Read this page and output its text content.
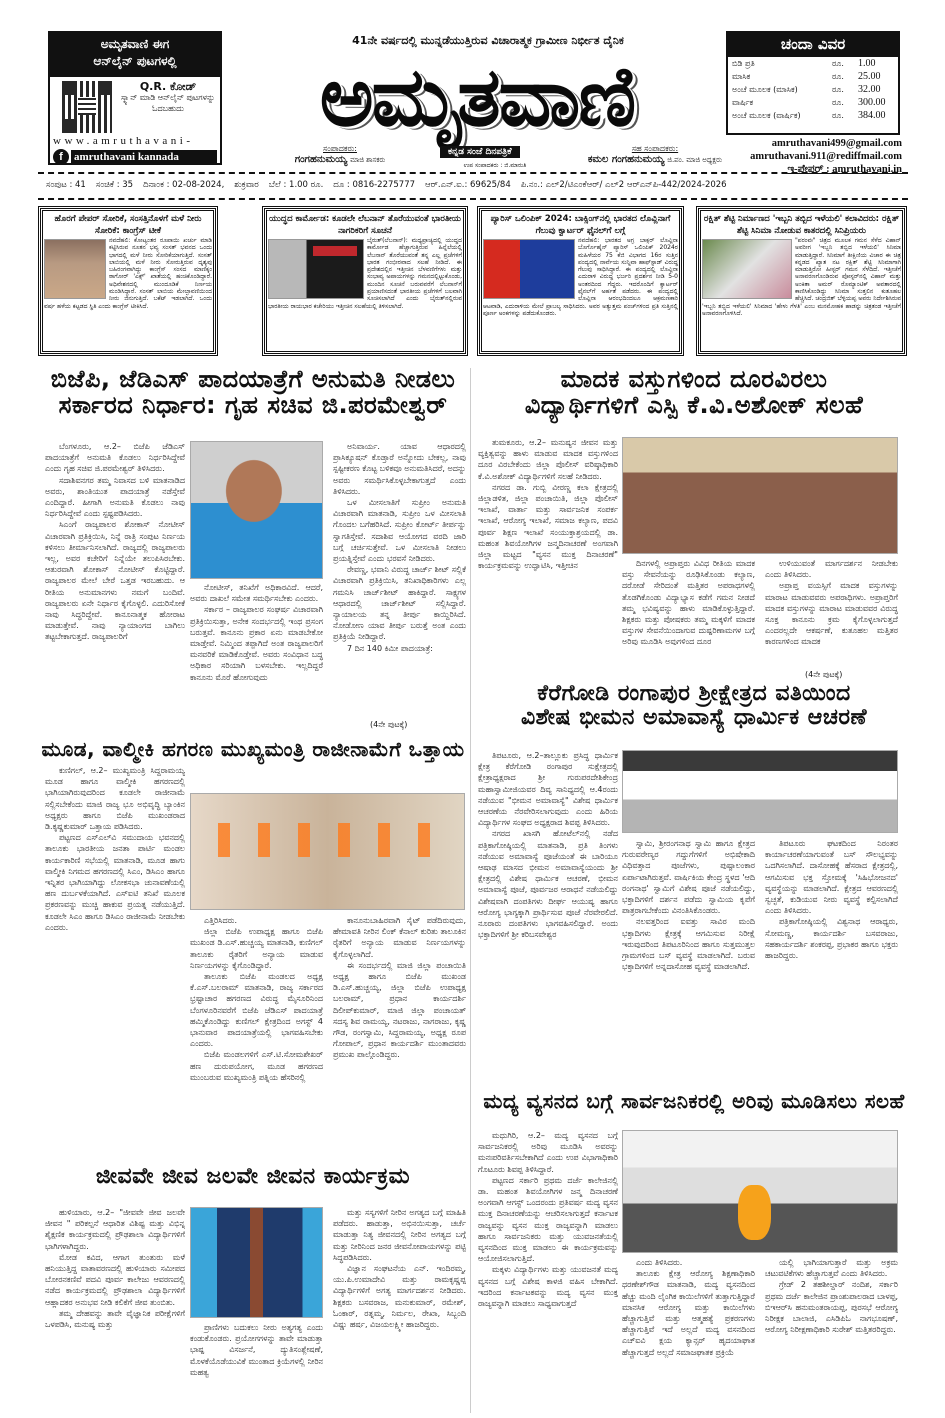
ಅಮೃತವಾಣಿ ಈಗ
ಆನ್‌ಲೈನ್ ಪುಟಗಳಲ್ಲಿ
Q.R. ಕೋಡ್
ಸ್ಕ್ಯಾನ್ ಮಾಡಿ ಆನ್‌ಲೈನ್ ಪುಟಗಳನ್ನು ಓದಬಹುದು
www.amruthavani-
f	amruthavani kannada
41ನೇ ವರ್ಷದಲ್ಲಿ ಮುನ್ನಡೆಯುತ್ತಿರುವ ವಿಚಾರಾತ್ಮಕ ಗ್ರಾಮೀಣ ನಿರ್ಭೀತ ದೈನಿಕ
ಅಮೃತವಾಣಿ
ಸಂಪಾದಕರು:
ಗಂಗಹನುಮಯ್ಯ ಮಾಜಿ ಶಾಸಕರು
ಕನ್ನಡ ಸಂಜೆ ದಿನಪತ್ರಿಕೆ
ಉಪ ಸಂಪಾದಕರು : ಜಿ.ಮಾರುತಿ
ಸಹ ಸಂಪಾದಕರು:
ಕಮಲ ಗಂಗಹನುಮಯ್ಯ ಜಿ.ಪಂ. ಮಾಜಿ ಅಧ್ಯಕ್ಷರು
ಚಂದಾ ವಿವರ
ಬಿಡಿ ಪ್ರತಿ	ರೂ.	1.00
ಮಾಸಿಕ	ರೂ.	25.00
ಅಂಚೆ ಮೂಲಕ (ಮಾಸಿಕ)	ರೂ.	32.00
ವಾರ್ಷಿಕ	ರೂ.	300.00
ಅಂಚೆ ಮೂಲಕ (ವಾರ್ಷಿಕ)	ರೂ.	384.00
amruthavani499@gmail.com
amruthavani.911@rediffmail.com
ಇ-ಪೇಪರ್ : amruthavani.in
ಸಂಪುಟ : 41 ಸಂಚಿಕೆ : 35 ದಿನಾಂಕ : 02-08-2024, ಶುಕ್ರವಾರ ಬೆಲೆ : 1.00 ರೂ. ದೂ : 0816-2275777 ಆರ್.ಎನ್.ಐ.: 69625/84 ಪಿ.ನಂ.: ಎಲ್2/ಟಿಎಂಕೆಆರ್/ ಎಲ್2 ಆರ್‌ಎನ್‌ಪಿ-442/2024-2026
ಹೊರಗೆ ಪೇಪರ್ ಸೋರಿಕೆ, ಸಂಸತ್ತಿನೊಳಗೆ ಮಳೆ ನೀರು ಸೋರಿಕೆ: ಕಾಂಗ್ರೆಸ್ ಟೀಕೆ

ನವದೆಹಲಿ: ಕೋಟ್ಯಂತರ ರೂಪಾಯಿ ಖರ್ಚು ಮಾಡಿ ಕಟ್ಟಿಸಿರುವ ನೂತನ ಭವ್ಯ ಸಂಸತ್ ಭವನದ ಒಂದು ಭಾಗದಲ್ಲಿ ಮಳೆ ನೀರು ಸೋರಿಕೆಯಾಗುತ್ತಿದೆ. ಸಂಸತ್ ಲಾಬಿಯಲ್ಲಿ ಮಳೆ ನೀರು ಸೋರುತ್ತಿರುವ ದೃಶ್ಯವು ಬಹಿರಂಗವಾಗಿದ್ದು ಕಾಂಗ್ರೆಸ್ ಸಂಸದ ಮಾಣಿಕ್ಕಂ ಠಾಗೋರ್ 'ಎಕ್ಸ್' ಖಾತೆಯಲ್ಲಿ ಹಂಚಿಕೊಂಡಿದ್ದಾರೆ. ಅಧಿವೇಶನದಲ್ಲಿ ಮುಂದೂಡಿಕೆ ನಿರ್ಣಯ ಮಂಡಿಸಿದ್ದಾರೆ. ಸಂಸತ್ ಲಾಬಿಯ ಮೇಲ್ಛಾವಣಿಯಿಂದ ನೀರು ಜಿನುಗುತ್ತಿದೆ. ಬಕೆಟ್ ಇಡಲಾಗಿದೆ. ಒಂದು ವರ್ಷ ಹಳೆಯ ಕಟ್ಟಡದ ಸ್ಥಿತಿ ಎಂದು ಕಾಂಗ್ರೆಸ್ ಟೀಕಿಸಿದೆ.

ಯುದ್ಧದ ಕಾರ್ಮೋಡ: ಕೂಡಲೇ ಲೆಬನಾನ್ ತೊರೆಯುವಂತೆ ಭಾರತೀಯ ನಾಗರಿಕರಿಗೆ ಸೂಚನೆ

ಬೈರುತ್(ಲೆಬನಾನ್): ಮಧ್ಯಪ್ರಾಚ್ಯದಲ್ಲಿ ಯುದ್ಧದ ಕಾರ್ಮೋಡ ಹೆಚ್ಚಾಗುತ್ತಿರುವ ಹಿನ್ನೆಲೆಯಲ್ಲಿ ಲೆಬನಾನ್ ತೊರೆಯುವಂತೆ ತನ್ನ ಎಲ್ಲ ಪ್ರಜೆಗಳಿಗೆ ಭಾರತ ಗಂಭೀರವಾದ ಸಲಹೆ ನೀಡಿದೆ. ಈ ಪ್ರದೇಶದಲ್ಲಿನ ಇತ್ತೀಚಿನ ಬೆಳವಣಿಗೆಗಳು ಮತ್ತು ಸಂಭಾವ್ಯ ಅಪಾಯಗಳನ್ನು ಗಮನದಲ್ಲಿಟ್ಟುಕೊಂಡು, ಮುಂದಿನ ಸೂಚನೆ ಬರುವವರೆಗೆ ಲೆಬನಾನ್‌ಗೆ ಪ್ರಯಾಣಿಸದಂತೆ ಭಾರತೀಯ ಪ್ರಜೆಗಳಿಗೆ ಬಲವಾಗಿ ಸೂಚಿಸಲಾಗಿದೆ ಎಂದು ಬೈರುತ್‌ನಲ್ಲಿರುವ ಭಾರತೀಯ ರಾಯಭಾರ ಕಚೇರಿಯು ಇತ್ತೀಚಿನ ಸಲಹೆಯಲ್ಲಿ ತಿಳಿಸಲಾಗಿದೆ.

ಪ್ಯಾರಿಸ್ ಒಲಿಂಪಿಕ್ 2024: ಬಾಕ್ಸಿಂಗ್‌ನಲ್ಲಿ ಭಾರತದ ಲೊವ್ಲಿನಾಗೆ ಗೆಲುವು ಕ್ವಾರ್ಟರ್ ಫೈನಲ್‌ಗೆ ಲಗ್ಗೆ

ನವದೆಹಲಿ: ಭಾರತದ ಅಗ್ರ ಬಾಕ್ಸರ್ ಲೊವ್ಲಿನಾ ಬೊರ್ಗೊಹೈನ್ ಪ್ಯಾರಿಸ್ ಒಲಿಂಪಿಕ್ 2024ರ ಮಹಿಳೆಯರ 75 ಕೆಜಿ ವಿಭಾಗದ 16ರ ಸುತ್ತಿನ ಪಂದ್ಯದಲ್ಲಿ ನಾರ್ವೆಯ ಸುನ್ನಿವಾ ಹಾಫ್‌ಸ್ಟಾಡ್ ವಿರುದ್ಧ ಗೆಲುವು ಸಾಧಿಸಿದ್ದಾರೆ. ಈ ಪಂದ್ಯದಲ್ಲಿ ಲೊವ್ಲಿನಾ ಎದುರಾಳಿ ವಿರುದ್ಧ ಭರ್ಜರಿ ಪ್ರದರ್ಶನ ನೀಡಿ 5-0 ಅಂತರದಿಂದ ಗೆದ್ದರು. ಇದರೊಂದಿಗೆ ಕ್ವಾರ್ಟರ್ ಫೈನಲ್‌ಗೆ ಅರ್ಹತೆ ಪಡೆದರು. ಈ ಪಂದ್ಯದಲ್ಲಿ ಲೊವ್ಲಿನಾ ಆರಂಭದಿಂದಲೂ ಆಕ್ರಮಣಕಾರಿ ಆಟವಾಡಿ, ಎದುರಾಳಿಯ ಮೇಲೆ ಪ್ರಾಬಲ್ಯ ಸಾಧಿಸಿದರು. ಅವರ ಅತ್ಯುತ್ತಮ ಪಂಚ್‌ಗಳಿಂದ ಪ್ರತಿ ಸುತ್ತಿನಲ್ಲಿ ಪೂರ್ಣ ಅಂಕಗಳನ್ನು ಪಡೆದುಕೊಂಡರು.

ರಕ್ಷಿತ್ ಶೆಟ್ಟಿ ನಿರ್ಮಾಣದ 'ಇಬ್ಬನಿ ತಬ್ಬಿದ ಇಳೆಯಲಿ' ಕಲಾವಿದರು: ರಕ್ಷಿತ್ ಶೆಟ್ಟಿ ಸಿನಿಮಾ ನೋಡುವ ಕಾತರದಲ್ಲಿ ಸಿನಿಪ್ರಿಯರು

"ಪರಂವಃ" ಚಿತ್ರದ ಮೂಲಕ ಗಮನ ಸೆಳೆದ ವಿಹಾನ್ ಅವರೀಗ 'ಇಬ್ಬನಿ ತಬ್ಬಿದ ಇಳೆಯಲಿ' ಸಿನಿಮಾ ಮಾಡುತ್ತಿದ್ದಾರೆ. ಸಿನಿಮಾಗೆ ತೀಕ್ಷಿಣಿಯ ವಿಚಾರ ಈ ಚಿತ್ರ ಕನ್ನಡದ ಖ್ಯಾತ ನಟ ರಕ್ಷಿತ್ ಶೆಟ್ಟಿ ಸಿನಿಮಾಗಾಗಿ ಮಾಡುತ್ತಿರೋ ಹೀಸ್ಟರ್ ಗಮನ ಸೆಳೆದಿದೆ. ಇತ್ತೀಚೆಗೆ ಅನಾವರಣಗೊಂಡಿರುವ ಪೋಸ್ಟರ್‌ನಲ್ಲಿ ವಿಹಾನ್ ಮತ್ತು ಅಂಕಿತಾ ಅಮರ್ ರೊಮ್ಯಾಂಟಿಕ್ ಅವತಾರದಲ್ಲಿ ಕಾಣಿಸಿಕೊಂಡಿದ್ದು ಸಿನಿಮಾ ಸುತ್ತಲಿನ ಕುತೂಹಲ ಹೆಚ್ಚಿಸಿದೆ. ಚಂದ್ರಜಿತ್ ಬೆಳ್ಳಿಯಪ್ಪ ಅವರು ನಿರ್ದೇಶಿಸಿರುವ 'ಇಬ್ಬನಿ ತಬ್ಬಿದ ಇಳೆಯಲಿ' ಸಿನಿಮಾದ 'ಹೇಳು ಗೆಳತಿ' ಎಂಬ ಮನಮೋಹಕ ಹಾಡನ್ನು ಚಿತ್ರತಂಡ ಇತ್ತೀಚೆಗೆ ಅನಾವರಣಗೊಳಿಸಿದೆ.

ಬಿಜೆಪಿ, ಜೆಡಿಎಸ್ ಪಾದಯಾತ್ರೆಗೆ ಅನುಮತಿ ನೀಡಲು
ಸರ್ಕಾರದ ನಿರ್ಧಾರ: ಗೃಹ ಸಚಿವ ಜಿ.ಪರಮೇಶ್ವರ್

ಬೆಂಗಳೂರು, ಆ.2– ಬಿಜೆಪಿ ಜೆಡಿಎಸ್ ಪಾದಯಾತ್ರೆಗೆ ಅನುಮತಿ ಕೊಡಲು ನಿರ್ಧರಿಸಿದ್ದೇವೆ ಎಂದು ಗೃಹ ಸಚಿವ ಜಿ.ಪರಮೇಶ್ವರ್ ತಿಳಿಸಿದರು.

ಸದಾಶಿವನಗರ ತಮ್ಮ ನಿವಾಸದ ಬಳಿ ಮಾತನಾಡಿದ ಅವರು, ಶಾಂತಿಯುತ ಪಾದಯಾತ್ರೆ ನಡೆಸ್ತೇವೆ ಎಂದಿದ್ದಾರೆ. ಹೀಗಾಗಿ ಅನುಮತಿ ಕೊಡಲು ನಾವು ನಿರ್ಧರಿಸಿದ್ದೇವೆ ಎಂದು ಸ್ಪಷ್ಟಪಡಿಸಿದರು.

ಸಿಎಂಗೆ ರಾಜ್ಯಪಾಲರ ಶೋಕಾಸ್ ನೋಟೀಸ್ ವಿಚಾರವಾಗಿ ಪ್ರತಿಕ್ರಿಯಿಸಿ, ನಿನ್ನೆ ರಾತ್ರಿ ಸಂಪುಟ ನಿರ್ಣಯ ಕಳಿಸಲು ತೀರ್ಮಾನಿಸಲಾಗಿದೆ. ರಾಜ್ಯದಲ್ಲಿ ರಾಜ್ಯಪಾಲರು ಇಲ್ಲ, ಅವರ ಕಚೇರಿಗೆ ನಿನ್ನೆಯೇ ತಲುಪಿಸಿರಬೇಕು. ಆತುರವಾಗಿ ಶೋಕಾಸ್ ನೋಟೀಸ್ ಕೊಟ್ಟಿದ್ದಾರೆ. ರಾಜ್ಯಪಾಲರ ಮೇಲೆ ಬೇರೆ ಒತ್ತಡ ಇರಬಹುದು. ಆ ರೀತಿಯ ಅನುಮಾನಗಳು ನಮಗೆ ಬಂದಿವೆ. ರಾಜ್ಯಪಾಲರು ಏನೇ ನಿರ್ಧಾರ ಕೈಗೊಳ್ಳಲಿ. ಎದುರಿಸೋಕೆ ನಾವು ಸಿದ್ಧರಿದ್ದೇವೆ. ಕಾನೂನಾತ್ಮಕ ಹೋರಾಟ ಮಾಡುತ್ತೇವೆ. ನಾವು ನ್ಯಾಯಾಂಗದ ಬಾಗಿಲು ತಟ್ಟಬೇಕಾಗುತ್ತದೆ. ರಾಜ್ಯಪಾಲರಿಗೆ

ನೋಟೀಸ್, ತನಿಖೆಗೆ ಅಧಿಕಾರವಿದೆ. ಆದರೆ, ಅವರು ದಾಖಲೆ ಸಮೇತ ಸಮರ್ಥಿಸಬೇಕು ಎಂದರು.

ಸರ್ಕಾರ – ರಾಜ್ಯಪಾಲರ ಸಂಘರ್ಷ ವಿಚಾರವಾಗಿ ಪ್ರತಿಕ್ರಿಯಿಸುತ್ತಾ, ಅನೇಕ ಸಂದರ್ಭದಲ್ಲಿ ಇಂಥ ಪ್ರಸಂಗ ಬರುತ್ತವೆ. ಕಾನೂನು ಪ್ರಕಾರ ಏನು ಮಾಡಬೇಕೋ ಮಾಡ್ತೇವೆ. ನಿಮ್ಮಿಂದ ತಪ್ಪಾಗಿದೆ ಅಂತ ರಾಜ್ಯಪಾಲರಿಗೆ ಮನವರಿಕೆ ಮಾಡಿಕೊಡ್ತೇವೆ. ಅವರು ಸಂವಿಧಾನ ಬದ್ಧ ಅಧಿಕಾರ ಸರಿಯಾಗಿ ಬಳಸಬೇಕು. ಇಲ್ಲದಿದ್ದರೆ ಕಾನೂನು ಮೊರೆ ಹೋಗುವುದು

ಅನಿವಾರ್ಯ. ಯಾವ ಆಧಾರದಲ್ಲಿ ಪ್ರಾಸಿಕ್ಯೂಷನ್ ಕೊಡ್ತಾರೆ ಅನ್ನೋದು ಬೇಕಲ್ಲ, ನಾವು ಸ್ಪಷ್ಟೀಕರಣ ಕೊಟ್ಟ ಬಳಿಕವೂ ಅನುಮತಿಸಿದರೆ, ಅದನ್ನು ಅವರು ಸಮರ್ಥಿಸಿಕೊಳ್ಳಬೇಕಾಗುತ್ತದೆ ಎಂದು ತಿಳಿಸಿದರು.

ಒಳ ಮೀಸಲಾತಿಗೆ ಸುಪ್ರೀಂ ಅನುಮತಿ ವಿಚಾರವಾಗಿ ಮಾತನಾಡಿ, ಸುಪ್ರೀಂ ಒಳ ಮೀಸಲಾತಿ ಗೊಂದಲ ಬಗೆಹರಿಸಿದೆ. ಸುಪ್ರೀಂ ಕೋರ್ಟ್ ತೀರ್ಪನ್ನು ಸ್ವಾಗತಿಸ್ತೇವೆ. ಸದಾಶಿವ ಆಯೋಗದ ವರದಿ ಜಾರಿ ಬಗ್ಗೆ ಚರ್ಚಿಸುತ್ತೇವೆ. ಒಳ ಮೀಸಲಾತಿ ನೀಡಲು ಪ್ರಯತ್ನಿಸ್ತೇವೆ ಎಂದು ಭರವಸೆ ನೀಡಿದರು.

ರೇವಣ್ಣ, ಭವಾನಿ ವಿರುದ್ಧ ಚಾರ್ಜ್ ಶೀಟ್ ಸಲ್ಲಿಕೆ ವಿಚಾರವಾಗಿ ಪ್ರತಿಕ್ರಿಯಿಸಿ, ತನಿಖಾಧಿಕಾರಿಗಳು ಎಲ್ಲ ಗಮನಿಸಿ ಚಾರ್ಜ್‌ಶೀಟ್ ಹಾಕಿದ್ದಾರೆ. ಸಾಕ್ಷ್ಯಗಳ ಆಧಾರದಲ್ಲಿ ಚಾರ್ಜ್‌ಶೀಟ್ ಸಲ್ಲಿಸಿದ್ದಾರೆ. ನ್ಯಾಯಾಲಯ ತನ್ನ ತೀರ್ಪು ಕಾಯ್ದಿರಿಸಿದೆ. ನೋಡೋಣ ಯಾವ ತೀರ್ಪು ಬರುತ್ತೆ ಅಂತ ಎಂದು ಪ್ರತಿಕ್ರಿಯೆ ನೀಡಿದ್ದಾರೆ.

7 ದಿನ 140 ಕಿಮೀ ಪಾದಯಾತ್ರೆ:

(4ನೇ ಪುಟಕ್ಕೆ)
ಮೂಡ, ವಾಲ್ಮೀಕಿ ಹಗರಣ ಮುಖ್ಯಮಂತ್ರಿ ರಾಜೀನಾಮೆಗೆ ಒತ್ತಾಯ

ಕುಣಿಗಲ್, ಆ.2– ಮುಖ್ಯಮಂತ್ರಿ ಸಿದ್ದರಾಮಯ್ಯ ಮೂಡ ಹಾಗೂ ವಾಲ್ಮೀಕಿ ಹಗರಣದಲ್ಲಿ ಭಾಗಿಯಾಗಿರುವುದರಿಂದ ಕೂಡಲೇ ರಾಜೀನಾಮೆ ಸಲ್ಲಿಸಬೇಕೆಂದು ಮಾಜಿ ರಾಜ್ಯ ಭೂ ಅಭಿವೃದ್ಧಿ ಬ್ಯಾಂಕಿನ ಅಧ್ಯಕ್ಷರು ಹಾಗೂ ಬಿಜೆಪಿ ಮುಖಂಡರಾದ ಡಿ.ಕೃಷ್ಣಕುಮಾರ್ ಒತ್ತಾಯ ಪಡಿಸಿದರು.

ಪಟ್ಟಣದ ಎಸ್‌ಎಲ್‌ವಿ ಸಮುದಾಯ ಭವನದಲ್ಲಿ ತಾಲೂಕು ಭಾರತೀಯ ಜನತಾ ಪಾರ್ಟಿ ಮಂಡಲ ಕಾರ್ಯಕಾರಿಣಿ ಸಭೆಯಲ್ಲಿ ಮಾತನಾಡಿ, ಮೂಡ ಹಾಗು ವಾಲ್ಮೀಕಿ ನಿಗಮದ ಹಗರಣದಲ್ಲಿ ಸಿಎಂ, ಡಿಸಿಎಂ ಹಾಗೂ ಇನ್ನಿತರ ಭಾಗಿಯಾಗಿದ್ದು ಲೋಕಸಭಾ ಚುನಾವಣೆಯಲ್ಲಿ ಹಣ ದುರ್ಬಳಕೆಯಾಗಿದೆ. ಎಸ್‌ಐಟಿ ತನಿಖೆ ಮೂಲಕ ಪ್ರಕರಣವನ್ನು ಮುಚ್ಚಿ ಹಾಕುವ ಪ್ರಯತ್ನ ನಡೆಯುತ್ತಿದೆ. ಕೂಡಲೇ ಸಿಎಂ ಹಾಗೂ ಡಿಸಿಎಂ ರಾಜೀನಾಮೆ ನೀಡಬೇಕು ಎಂದರು.

ಎತ್ತಿರಿಸಿದರು.

ಜಿಲ್ಲಾ ಬಿಜೆಪಿ ಉಪಾಧ್ಯಕ್ಷ ಹಾಗೂ ಬಿಜೆಪಿ ಮುಖಂಡ ಡಿ.ಎಸ್.ಹುಚ್ಚಯ್ಯ ಮಾತನಾಡಿ, ಕುಣಿಗಲ್ ತಾಲೂಕು ರೈತರಿಗೆ ಅನ್ಯಾಯ ಮಾಡುವ ನಿರ್ಣಯಗಳನ್ನು ಕೈಗೊಂಡಿದ್ದಾರೆ.

ತಾಲೂಕು ಬಿಜೆಪಿ ಮಂಡಲದ ಅಧ್ಯಕ್ಷ ಕೆ.ಎಸ್.ಬಲರಾಮ್ ಮಾತನಾಡಿ, ರಾಜ್ಯ ಸರ್ಕಾರದ ಭ್ರಷ್ಟಾಚಾರ ಹಗರಣದ ವಿರುದ್ಧ ಮೈಸೂರಿನಿಂದ ಬೆಂಗಳೂರಿನವರೆಗೆ ಬಿಜೆಪಿ ಜೆಡಿಎಸ್ ಪಾದಯಾತ್ರೆ ಹಮ್ಮಿಕೊಂಡಿದ್ದು ಕುಣಿಗಲ್ ಕ್ಷೇತ್ರದಿಂದ ಅಗಸ್ಟ್ 4 ಭಾನುವಾರ ಪಾದಯಾತ್ರೆಯಲ್ಲಿ ಭಾಗವಹಿಸಬೇಕು ಎಂದರು.

ಬಿಜೆಪಿ ಮಂಡಲಗಳಿಗೆ ಎಸ್.ಟಿ.ಸೋಮಶೇಖರ್ ಹಣ ದುರುಪಯೋಗ, ಮೂಡ ಹಗರಣದ ಮುಂಬರುವ ಮುಖ್ಯಮಂತ್ರಿ ಪತ್ನಿಯ ಹೆಸರಿನಲ್ಲಿ

ಕಾನೂನುಬಾಹಿರವಾಗಿ ಸೈಟ್ ಪಡೆದಿರುವುದು, ಹೇಮಾವತಿ ನೀರಿನ ಲಿಂಕ್ ಕೆನಾಲ್ ಕುರಿತು ತಾಲೂಕಿನ ರೈತರಿಗೆ ಅನ್ಯಾಯ ಮಾಡುವ ನಿರ್ಣಯಗಳನ್ನು ಕೈಗೊಳ್ಳಲಾಗಿದೆ.

ಈ ಸಂದರ್ಭದಲ್ಲಿ ಮಾಜಿ ಜಿಲ್ಲಾ ಪಂಚಾಯಿತಿ ಅಧ್ಯಕ್ಷ ಹಾಗೂ ಬಿಜೆಪಿ ಮುಖಂಡ ಡಿ.ಎಸ್.ಹುಚ್ಚಯ್ಯ, ಜಿಲ್ಲಾ ಬಿಜೆಪಿ ಉಪಾಧ್ಯಕ್ಷ ಬಲರಾಮ್, ಪ್ರಧಾನ ಕಾರ್ಯದರ್ಶಿ ದಿಲೀಪ್‌ಕುಮಾರ್, ಮಾಜಿ ಜಿಲ್ಲಾ ಪಂಚಾಯತ್ ಸದಸ್ಯ ಶಿವ ರಾಮಯ್ಯ, ನಟರಾಜು, ನಾಗರಾಜು, ಕೃಷ್ಣ ಗೌಡ, ರಂಗಸ್ವಾಮಿ, ಸಿದ್ದರಾಮಯ್ಯ, ಅಧ್ಯಕ್ಷ ರೂಪ ಗೋಪಾಲ್, ಪ್ರಧಾನ ಕಾರ್ಯದರ್ಶಿ ಮುಂತಾದವರು ಪ್ರಮುಖ ಪಾಲ್ಗೊಂಡಿದ್ದರು.

ಜೀವವೇ ಜೀವ ಜಲವೇ ಜೀವನ ಕಾರ್ಯಕ್ರಮ

ಹುಳಿಯಾರು, ಆ.2– "ಜೀವವೇ ಜೀವ ಜಲವೇ ಜೀವನ " ಪರಿಕಲ್ಪನೆ ಆಧಾರಿತ ವಿಶಿಷ್ಟ ಮತ್ತು ವಿಭಿನ್ನ ಶೈಕ್ಷಣಿಕ ಕಾರ್ಯಕ್ರಮದಲ್ಲಿ ಪ್ರೌಢಶಾಲಾ ವಿದ್ಯಾರ್ಥಿಗಳಿಗೆ ಭಾಗಿಗಳಾಗಿದ್ದರು.

ಮೋಡ ಕವಿದ, ಆಗಾಗ ತುಂತುರು ಮಳೆ ಹನಿಯುತ್ತಿದ್ದ ವಾತಾವರಣದಲ್ಲಿ ಹುಳಿಯಾರು ಸಮೀಪದ ಬೋರನಕಣಿವೆ ಪದವಿ ಪೂರ್ವ ಕಾಲೇಜು ಆವರಣದಲ್ಲಿ ನಡೆದ ಕಾರ್ಯಕ್ರಮದಲ್ಲಿ ಪ್ರೌಢಶಾಲಾ ವಿದ್ಯಾರ್ಥಿಗಳಿಗೆ ಆಹ್ಲಾದಕರ ಅನುಭವ ನೀಡಿ ಕಲಿಕೆಗೆ ಜೀವ ತುಂಬಿತು.

ತಮ್ಮ ದೇಹವನ್ನು ತಾವೇ ವೈಜ್ಞಾನಿಕ ಪರೀಕ್ಷೆಗಳಿಗೆ ಒಳಪಡಿಸಿ, ಮನುಷ್ಯ ಮತ್ತು	ಪ್ರಾಣಿಗಳು ಬದುಕಲು ನೀರು ಅತ್ಯಗತ್ಯ ಎಂದು ಕಂಡುಕೊಂಡರು. ಪ್ರಯೋಗಗಳನ್ನು ತಾವೇ ಮಾಡುತ್ತಾ ಭಾಷ್ಪ ವಿಸರ್ಜನೆ, ದ್ಯುತಿಸಂಶ್ಲೇಷಣೆ, ಮೊಳಕೆಯೊಡೆಯುವಿಕೆ ಮುಂತಾದ ಕ್ರಿಯೆಗಳಲ್ಲಿ ನೀರಿನ ಮಹತ್ವ

ಮತ್ತು ಸಸ್ಯಗಳಿಗೆ ನೀರಿನ ಅಗತ್ಯದ ಬಗ್ಗೆ ಮಾಹಿತಿ ಪಡೆದರು. ಹಾಡುತ್ತಾ, ಅಭಿನಯಿಸುತ್ತಾ, ಚರ್ಚೆ ಮಾಡುತ್ತಾ ನಿತ್ಯ ಜೀವನದಲ್ಲಿ ನೀರಿನ ಅಗತ್ಯದ ಬಗ್ಗೆ ಮತ್ತು ನೀರಿನಿಂದ ಜನರ ಜೀವನೋಪಾಯಗಳನ್ನು ಪಟ್ಟಿ ಸಿದ್ಧಪಡಿಸಿದರು.

ವಿಜ್ಞಾನ ಸಂಘಟನೆಯ ಎನ್. ಇಂದಿರಮ್ಮ, ಯು.ಪಿ.ಉಮಾದೇವಿ ಮತ್ತು ರಾಮಕೃಷ್ಣಪ್ಪ ವಿದ್ಯಾರ್ಥಿಗಳಿಗೆ ಅಗತ್ಯ ಮಾರ್ಗದರ್ಶನ ನೀಡಿದರು. ಶಿಕ್ಷಕರು ಬಸವರಾಜ, ಮನುಕುಮಾರ್, ರಮೇಶ್, ಓಂಕಾರ್, ರತ್ನಮ್ಮ, ನಿರ್ಮಲ, ರೇಖಾ, ಸಿಬ್ಬಂದಿ ವಿಷ್ಣು ಹರ್ಷ, ವಿಜಯಲಕ್ಷ್ಮೀ ಹಾಜರಿದ್ದರು.

ಮಾದಕ ವಸ್ತುಗಳಿಂದ ದೂರವಿರಲು
ವಿದ್ಯಾರ್ಥಿಗಳಿಗೆ ಎಸ್ಪಿ ಕೆ.ವಿ.ಅಶೋಕ್ ಸಲಹೆ

ತುಮಕೂರು, ಆ.2– ಮನುಷ್ಯನ ಜೀವನ ಮತ್ತು ವ್ಯಕ್ತಿತ್ವವನ್ನು ಹಾಳು ಮಾಡುವ ಮಾದಕ ವಸ್ತುಗಳಿಂದ ದೂರ ವಿರಬೇಕೆಂದು ಜಿಲ್ಲಾ ಪೊಲೀಸ್ ವರಿಷ್ಠಾಧಿಕಾರಿ ಕೆ.ವಿ.ಅಶೋಕ್ ವಿದ್ಯಾರ್ಥಿಗಳಿಗೆ ಸಲಹೆ ನೀಡಿದರು.

ನಗರದ ಡಾ. ಗುಬ್ಬಿ ವೀರಣ್ಣ ಕಲಾ ಕ್ಷೇತ್ರದಲ್ಲಿ ಜಿಲ್ಲಾಡಳಿತ, ಜಿಲ್ಲಾ ಪಂಚಾಯಿತಿ, ಜಿಲ್ಲಾ ಪೊಲೀಸ್ ಇಲಾಖೆ, ವಾರ್ತಾ ಮತ್ತು ಸಾರ್ವಜನಿಕ ಸಂಪರ್ಕ ಇಲಾಖೆ, ಆರೋಗ್ಯ ಇಲಾಖೆ, ಸಮಾಜ ಕಲ್ಯಾಣ, ಪದವಿ ಪೂರ್ವ ಶಿಕ್ಷಣ ಇಲಾಖೆ ಸಂಯುಕ್ತಾಶ್ರಯದಲ್ಲಿ ಡಾ. ಮಹಂತ ಶಿವಯೋಗಿಗಳ ಜನ್ಮದಿನಾಚರಣೆ ಅಂಗವಾಗಿ ಜಿಲ್ಲಾ ಮಟ್ಟದ "ವ್ಯಸನ ಮುಕ್ತ ದಿನಾಚರಣೆ" ಕಾರ್ಯಕ್ರಮವನ್ನು ಉದ್ಘಾಟಿಸಿ, ಇತ್ತೀಚಿನ	ದಿನಗಳಲ್ಲಿ ಅಪ್ರಾಪ್ತರು ವಿವಿಧ ರೀತಿಯ ಮಾದಕ ವಸ್ತು ಸೇವನೆಯನ್ನು ರೂಢಿಸಿಕೊಂಡು ಕಲ್ಯಾಣ, ದರೋಡೆ ಸೇರಿದಂತೆ ಮತ್ತಿತರ ಅಪರಾಧಗಳಲ್ಲಿ ತೊಡಗಿಕೊಂಡು ವಿದ್ಯಾಭ್ಯಾಸ ಕಡೆಗೆ ಗಮನ ನೀಡದೆ ತಮ್ಮ ಭವಿಷ್ಯವನ್ನು ಹಾಳು ಮಾಡಿಕೊಳ್ಳುತ್ತಿದ್ದಾರೆ. ಶಿಕ್ಷಕರು ಮತ್ತು ಪೋಷಕರು ತಮ್ಮ ಮಕ್ಕಳಿಗೆ ಮಾದಕ ವಸ್ತುಗಳ ಸೇವನೆಯಿಂದಾಗುವ ದುಷ್ಪರಿಣಾಮಗಳ ಬಗ್ಗೆ ಅರಿವು ಮೂಡಿಸಿ ಅವುಗಳಿಂದ ದೂರ

ಉಳಿಯುವಂತೆ ಮಾರ್ಗದರ್ಶನ ನೀಡಬೇಕು ಎಂದು ತಿಳಿಸಿದರು.

ಅಪ್ರಾಪ್ತ ವಯಸ್ಸಿಗೆ ಮಾದಕ ವಸ್ತುಗಳನ್ನು ಮಾರಾಟ ಮಾಡುವವರು ಅಪರಾಧಿಗಳು. ಅಪ್ರಾಪ್ತರಿಗೆ ಮಾದಕ ವಸ್ತುಗಳನ್ನು ಮಾರಾಟ ಮಾಡುವವರ ವಿರುದ್ಧ ಸೂಕ್ತ ಕಾನೂನು ಕ್ರಮ ಕೈಗೊಳ್ಳಲಾಗುತ್ತದೆ ಎಂದರಲ್ಲದೇ ಆಕರ್ಷಣೆ, ಕುತೂಹಲ ಮತ್ತಿತರ ಕಾರಣಗಳಿಂದ ಮಾದಕ

(4ನೇ ಪುಟಕ್ಕೆ)
ಕೆರೆಗೋಡಿ ರಂಗಾಪುರ ಶ್ರೀಕ್ಷೇತ್ರದ ವತಿಯಿಂದ
ವಿಶೇಷ ಭೀಮನ ಅಮಾವಾಸ್ಯೆ ಧಾರ್ಮಿಕ ಆಚರಣೆ

ತಿಪಟೂರು, ಆ.2–ತಾಲ್ಲೂಕು ಪ್ರಸಿದ್ಧ ಧಾರ್ಮಿಕ ಕ್ಷೇತ್ರ ಕೆರೆಗೋಡಿ ರಂಗಾಪುರ ಸುಕ್ಷೇತ್ರದಲ್ಲಿ ಕ್ಷೇತ್ರಾಧ್ಯಕ್ಷರಾದ ಶ್ರೀ ಗುರುಪರದೇಶಿಕೇಂದ್ರ ಮಹಾಸ್ವಾಮೀಜಿಯವರ ದಿವ್ಯ ಸಾನಿಧ್ಯದಲ್ಲಿ ಆ.4ರಂದು ನಡೆಯುವ "ಭೀಮನ ಅಮಾವಾಸ್ಯೆ" ವಿಶೇಷ ಧಾರ್ಮಿಕ ಆಚರಣೆಯ ನೆರವೇರಿಸಲಾಗುವುದು ಎಂದು ಹಿರಿಯ ವಿದ್ಯಾರ್ಥಿಗಳ ಸಂಘದ ಅಧ್ಯಕ್ಷರಾದ ಶಿವಪ್ಪ ತಿಳಿಸಿದರು.

ನಗರದ ಖಾಸಗಿ ಹೋಟೆಲ್‌ನಲ್ಲಿ ನಡೆದ ಪತ್ರಿಕಾಗೋಷ್ಠಿಯಲ್ಲಿ ಮಾತನಾಡಿ, ಪ್ರತಿ ತಿಂಗಳು ನಡೆಯುವ ಅಮಾವಾಸ್ಯೆ ಪೂಜೆಯಂತೆ ಈ ಬಾರಿಯೂ ಆಷಾಢ ಮಾಸದ ಭೀಮನ ಅಮಾವಾಸ್ಯೆಯಂದು ಶ್ರೀ ಕ್ಷೇತ್ರದಲ್ಲಿ ವಿಶೇಷ ಧಾರ್ಮಿಕ ಆಚರಣೆ, ಭೀಮನ ಅಮಾವಾಸ್ಯೆ ಪೂಜೆ, ಪೂರ್ವಜರ ಆರಾಧನೆ ನಡೆಯಲಿದ್ದು ವಿಶೇಷವಾಗಿ ದಂಪತಿಗಳು ದೀರ್ಘ ಆಯುಷ್ಯ ಹಾಗೂ ಆರೋಗ್ಯ ಭಾಗ್ಯಕ್ಕಾಗಿ ಪ್ರಾರ್ಥಿಸುವ ಪೂಜೆ ನೆರವೇರಲಿದೆ. ನೂರಾರು ದಂಪತಿಗಳು ಭಾಗವಹಿಸಲಿದ್ದಾರೆ. ಅಂದು ಭಕ್ತಾದಿಗಳಿಗೆ ಶ್ರೀ ಕರಿಬಸವೇಶ್ವರ

ಸ್ವಾಮಿ, ಶ್ರೀರಂಗನಾಥ ಸ್ವಾಮಿ ಹಾಗೂ ಕ್ಷೇತ್ರದ ಗುರುವರೇಣ್ಯರ ಗದ್ದುಗೆಗಳಿಗೆ ಅಭಿಷೇಕಾದಿ ವಿಧಿವತ್ತಾದ ಪೂಜೆಗಳು, ಪುಷ್ಪಾಲಂಕಾರ ಏರ್ಪಾಟಾಗಿರುತ್ತವೆ. ವಾರ್ಷಿಕಿಯ ಕೇಂದ್ರ ಸ್ಥಳದ 'ಆದಿ ರಂಗನಾಥ' ಸ್ವಾಮಿಗೆ ವಿಶೇಷ ಪೂಜೆ ನಡೆಯಲಿದ್ದು, ಭಕ್ತಾದಿಗಳಿಗೆ ದರ್ಶನ ಪಡೆದು ಸ್ವಾಮಿಯ ಕೃಪೆಗೆ ಪಾತ್ರರಾಗಬೇಕೆಂದು ವಿನಂತಿಸಿಕೊಂಡರು.

ನಲವತ್ತರಿಂದ ಐವತ್ತು ಸಾವಿರ ಮಂದಿ ಭಕ್ತಾದಿಗಳು ಕ್ಷೇತ್ರಕ್ಕೆ ಆಗಮಿಸುವ ನಿರೀಕ್ಷೆ ಇರುವುದರಿಂದ ತಿಪಟೂರಿನಿಂದ ಹಾಗೂ ಸುತ್ತಮುತ್ತಲ ಗ್ರಾಮಗಳಿಂದ ಬಸ್ ವ್ಯವಸ್ಥೆ ಮಾಡಲಾಗಿದೆ. ಬರುವ ಭಕ್ತಾದಿಗಳಿಗೆ ಅನ್ನದಾಸೋಹ ವ್ಯವಸ್ಥೆ ಮಾಡಲಾಗಿದೆ.

ತಿಪಟೂರು ಘಟಕದಿಂದ ನಿರಂತರ ಕಾರ್ಯಾಚರಣೆಯಾಗುವಂತೆ ಬಸ್ ಸೌಲಭ್ಯವನ್ನು ಒದಗಿಸಲಾಗಿದೆ. ದಾಸೋಹಕ್ಕೆ ಹೆಸರಾದ ಕ್ಷೇತ್ರದಲ್ಲಿ, ಆಗಮಿಸುವ ಭಕ್ತ ಸ್ತೋಮಕ್ಕೆ 'ಸಿಹಿಭೋಜನದ' ವ್ಯವಸ್ಥೆಯನ್ನು ಮಾಡಲಾಗಿದೆ. ಕ್ಷೇತ್ರದ ಆವರಣದಲ್ಲಿ ಸ್ವಚ್ಛತೆ, ಕುಡಿಯುವ ನೀರು ವ್ಯವಸ್ಥೆ ಕಲ್ಪಿಸಲಾಗಿದೆ ಎಂದು ತಿಳಿಸಿದರು.

ಪತ್ರಿಕಾಗೋಷ್ಠಿಯಲ್ಲಿ ವಿಶ್ವನಾಥ ಆರಾಧ್ಯರು, ಸೋಮಣ್ಣ, ಕಾರ್ಯದರ್ಶಿ ಬಸವರಾಜು, ಸಹಕಾರ್ಯದರ್ಶಿ ಶಂಕರಪ್ಪ, ಪ್ರಭಾಕರ ಹಾಗೂ ಭಕ್ತರು ಹಾಜರಿದ್ದರು.

ಮದ್ಯ ವ್ಯಸನದ ಬಗ್ಗೆ ಸಾರ್ವಜನಿಕರಲ್ಲಿ ಅರಿವು ಮೂಡಿಸಲು ಸಲಹೆ

ಮಧುಗಿರಿ, ಆ.2– ಮದ್ಯ ವ್ಯಸನದ ಬಗ್ಗೆ ಸಾರ್ವಜನಿಕರಲ್ಲಿ ಅರಿವು ಮೂಡಿಸಿ ಅವರನ್ನು ಮನಃಪರಿವರ್ತಿಸಬೇಕಾಗಿದೆ ಎಂದು ಉಪ ವಿಭಾಗಾಧಿಕಾರಿ ಗೊಟೂರು ಶಿವಪ್ಪ ತಿಳಿಸಿದ್ದಾರೆ.

ಪಟ್ಟಣದ ಸರ್ಕಾರಿ ಪ್ರಥಮ ದರ್ಜೆ ಕಾಲೇಜಿನಲ್ಲಿ ಡಾ. ಮಹಂತ ಶಿವಯೋಗಿಗಳ ಜನ್ಮ ದಿನಾಚರಣೆ ಅಂಗವಾಗಿ ಆಗಸ್ಟ್ ಒಂದರಂದು ಪ್ರತಿವರ್ಷ ಮದ್ಯ ವ್ಯಸನ ಮುಕ್ತ ದಿನಾಚರಣೆಯನ್ನು ಆಚರಿಸಲಾಗುತ್ತದೆ ಕರ್ನಾಟಕ ರಾಜ್ಯವನ್ನು ವ್ಯಸನ ಮುಕ್ತ ರಾಜ್ಯವನ್ನಾಗಿ ಮಾಡಲು ಹಾಗೂ ಸಾರ್ವಜನಿಕರು ಮತ್ತು ಯುವಜನತೆಯಲ್ಲಿ ವ್ಯಸನದಿಂದ ಮುಕ್ತ ಮಾಡಲು ಈ ಕಾರ್ಯಕ್ರಮವನ್ನು ಆಯೋಜಿಸಲಾಗುತ್ತಿದೆ.

ಮಕ್ಕಳು ವಿದ್ಯಾರ್ಥಿಗಳು ಮತ್ತು ಯುವಜನತೆ ಮದ್ಯ ವ್ಯಸನದ ಬಗ್ಗೆ ವಿಶೇಷ ಕಾಳಜಿ ವಹಿಸ ಬೇಕಾಗಿದೆ. ಇದರಿಂದ ಕರ್ನಾಟಕವನ್ನು ಮದ್ಯ ವ್ಯಸನ ಮುಕ್ತ ರಾಜ್ಯವನ್ನಾಗಿ ಮಾಡಲು ಸಾಧ್ಯವಾಗುತ್ತದೆ

ಎಂದು ತಿಳಿಸಿದರು.

ತಾಲೂಕು ಕ್ಷೇತ್ರ ಆರೋಗ್ಯ ಶಿಕ್ಷಣಾಧಿಕಾರಿ ಧರಣೇಶ್‌ಗೌಡ ಮಾತನಾಡಿ, ಮದ್ಯ ವ್ಯಸನದಿಂದ ಹೆಚ್ಚು ಮಂದಿ ಲೈಂಗಿಕ ಕಾಯಿಲೆಗಳಿಗೆ ತುತ್ತಾಗುತ್ತಿದ್ದಾರೆ ಮಾನಸಿಕ ಆರೋಗ್ಯ ಮತ್ತು ಕಾಯಿಲೆಗಳು ಹೆಚ್ಚಾಗುತ್ತಿವೆ ಮತ್ತು ಆತ್ಮಹತ್ಯೆ ಪ್ರಕರಣಗಳು ಹೆಚ್ಚಾಗುತ್ತಿವೆ ಇದೆ ಅಲ್ಲದೆ ಮದ್ಯ ವಸನದಿಂದ ಎಚ್‌ಐವಿ ಕ್ಷಯ ಕ್ಯಾನ್ಸರ್ ಹೃದಯಾಘಾತ ಹೆಚ್ಚಾಗುತ್ತದೆ ಅಲ್ಲದೆ ಸಮಾಜಘಾತಕ ಪ್ರಕ್ರಿಯೆ

ಯಲ್ಲಿ ಭಾಗಿಯಾಗುತ್ತಾರೆ ಮತ್ತು ಅಕ್ರಮ ಚಟುವಟಿಕೆಗಳು ಹೆಚ್ಚಾಗುತ್ತವೆ ಎಂದು ತಿಳಿಸಿದರು.

ಗ್ರೇಡ್ 2 ತಹಶೀಲ್ದಾರ್ ನಂದಿಶ, ಸರ್ಕಾರಿ ಪ್ರಥಮ ದರ್ಜೆ ಕಾಲೇಜಿನ ಪ್ರಾಂಶುಪಾಲರಾದ ಬಾಳಪ್ಪ, ಬಿಇಆರ್‌ಸಿ ಹನುಮಂತರಾಯಪ್ಪ, ಪುರಸಭೆ ಆರೋಗ್ಯ ನಿರೀಕ್ಷಕ ಬಾಲಾಜಿ, ಎಸಿಡಿಪಿಓ ನಾಗಭೂಷಣ್, ಆರೋಗ್ಯ ನಿರೀಕ್ಷಣಾಧಿಕಾರಿ ಸುರೇಶ್ ಮತ್ತಿತರರಿದ್ದರು.
